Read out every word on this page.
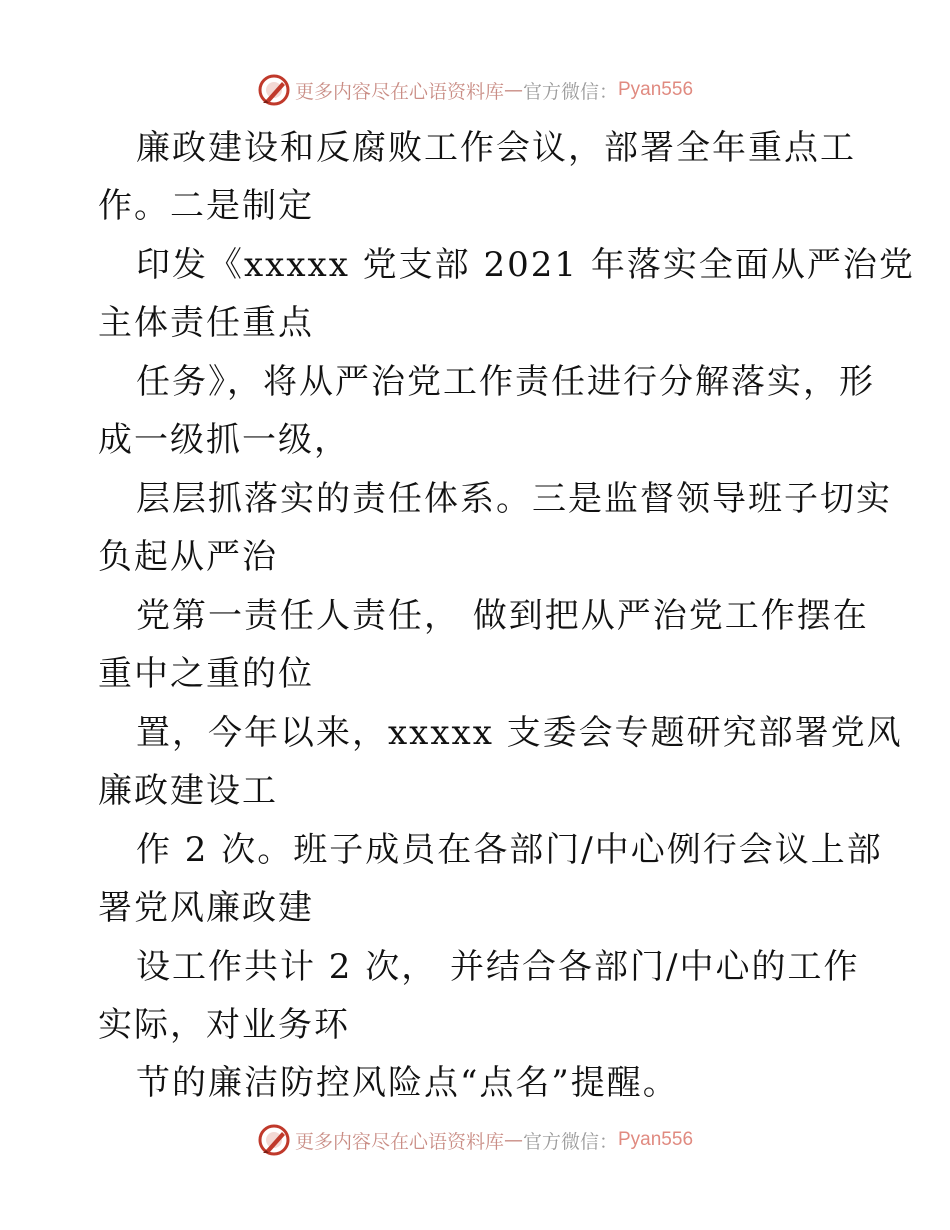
更多内容尽在心语资料库 — 官方微信： Pyan556
廉政建设和反腐败工作会议，部署全年重点工
作。二是制定
印发《xxxxx 党支部 2021 年落实全面从严治党
主体责任重点
任务》，将从严治党工作责任进行分解落实，形
成一级抓一级，
层层抓落实的责任体系。三是监督领导班子切实
负起从严治
党第一责任人责任， 做到把从严治党工作摆在
重中之重的位
置，今年以来，xxxxx 支委会专题研究部署党风
廉政建设工
作 2 次。班子成员在各部门/中心例行会议上部
署党风廉政建
设工作共计 2 次， 并结合各部门/中心的工作
实际，对业务环
节的廉洁防控风险点“点名”提醒。
更多内容尽在心语资料库 — 官方微信： Pyan556
